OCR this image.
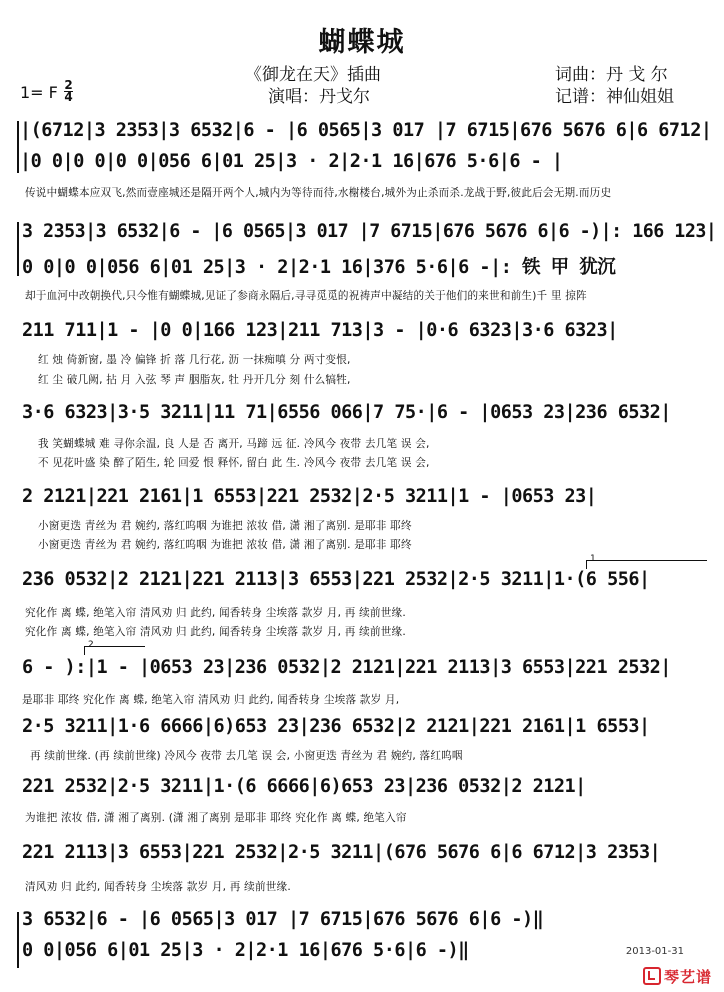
蝴蝶城
《御龙在天》插曲
演唱：丹戈尔
词曲：丹 戈 尔
记谱：神仙姐姐
1= F 2
4
|(6712|3 2353|3 6532|6 - |6 0565|3 017 |7 6715|676 5676 6|6 6712|
|0 0|0 0|0 0|056 6|01 25|3 · 2|2·1 16|676 5·6|6 - |
传说中蝴蝶本应双飞,然而壹座城还是隔开两个人,城内为等待而待,水榭楼台,城外为止杀而杀.龙战于野,彼此后会无期.而历史
3 2353|3 6532|6 - |6 0565|3 017 |7 6715|676 5676 6|6 -)|: 166 123|
0 0|0 0|056 6|01 25|3 · 2|2·1 16|376 5·6|6 -|: 铁 甲 犹沉
却于血河中改朝换代,只今惟有蝴蝶城,见证了参商永隔后,寻寻觅觅的祝祷声中凝结的关于他们的来世和前生)千 里 掠阵
211 711|1 - |0 0|166 123|211 713|3 - |0·6 6323|3·6 6323|
红 烛 倚新窗, 墨 冷 偏锋 折 落 几行花, 沥 一抹痴嗔 分 两寸变恨,
红 尘 破几阙, 拈 月 入弦 琴 声 胭脂灰, 牡 丹开几分 刻 什么犒牲,
3·6 6323|3·5 3211|11 71|6556 066|7 75·|6 - |0653 23|236 6532|
我 笑蝴蝶城 难 寻你余温, 良 人是 否 离开, 马蹄 远 征. 冷风今 夜带 去几笔 误 会,
不 见花叶盛 染 醉了陌生, 轮 回爱 恨 释怀, 留白 此 生. 冷风今 夜带 去几笔 误 会,
2 2121|221 2161|1 6553|221 2532|2·5 3211|1 - |0653 23|
小窗更迭 青丝为 君 婉约, 落红呜咽 为谁把 浓妆 借, 潇 湘了离别. 是耶非 耶终
小窗更迭 青丝为 君 婉约, 落红呜咽 为谁把 浓妆 借, 潇 湘了离别. 是耶非 耶终
1
236 0532|2 2121|221 2113|3 6553|221 2532|2·5 3211|1·(6 556|
究化作 离 蝶, 绝笔入帘 清风劝 归 此约, 闻香转身 尘埃落 款岁 月, 再 续前世缘.
究化作 离 蝶, 绝笔入帘 清风劝 归 此约, 闻香转身 尘埃落 款岁 月, 再 续前世缘.
2
6 - ):|1 - |0653 23|236 0532|2 2121|221 2113|3 6553|221 2532|
是耶非 耶终 究化作 离 蝶, 绝笔入帘 清风劝 归 此约, 闻香转身 尘埃落 款岁 月,
2·5 3211|1·6 6666|6)653 23|236 6532|2 2121|221 2161|1 6553|
再 续前世缘. (再 续前世缘) 冷风今 夜带 去几笔 误 会, 小窗更迭 青丝为 君 婉约, 落红呜咽
221 2532|2·5 3211|1·(6 6666|6)653 23|236 0532|2 2121|
为谁把 浓妆 借, 潇 湘了离别. (潇 湘了离别 是耶非 耶终 究化作 离 蝶, 绝笔入帘
221 2113|3 6553|221 2532|2·5 3211|(676 5676 6|6 6712|3 2353|
清风劝 归 此约, 闻香转身 尘埃落 款岁 月, 再 续前世缘.
3 6532|6 - |6 0565|3 017 |7 6715|676 5676 6|6 -)‖
0 0|056 6|01 25|3 · 2|2·1 16|676 5·6|6 -)‖	2013-01-31
琴艺谱
